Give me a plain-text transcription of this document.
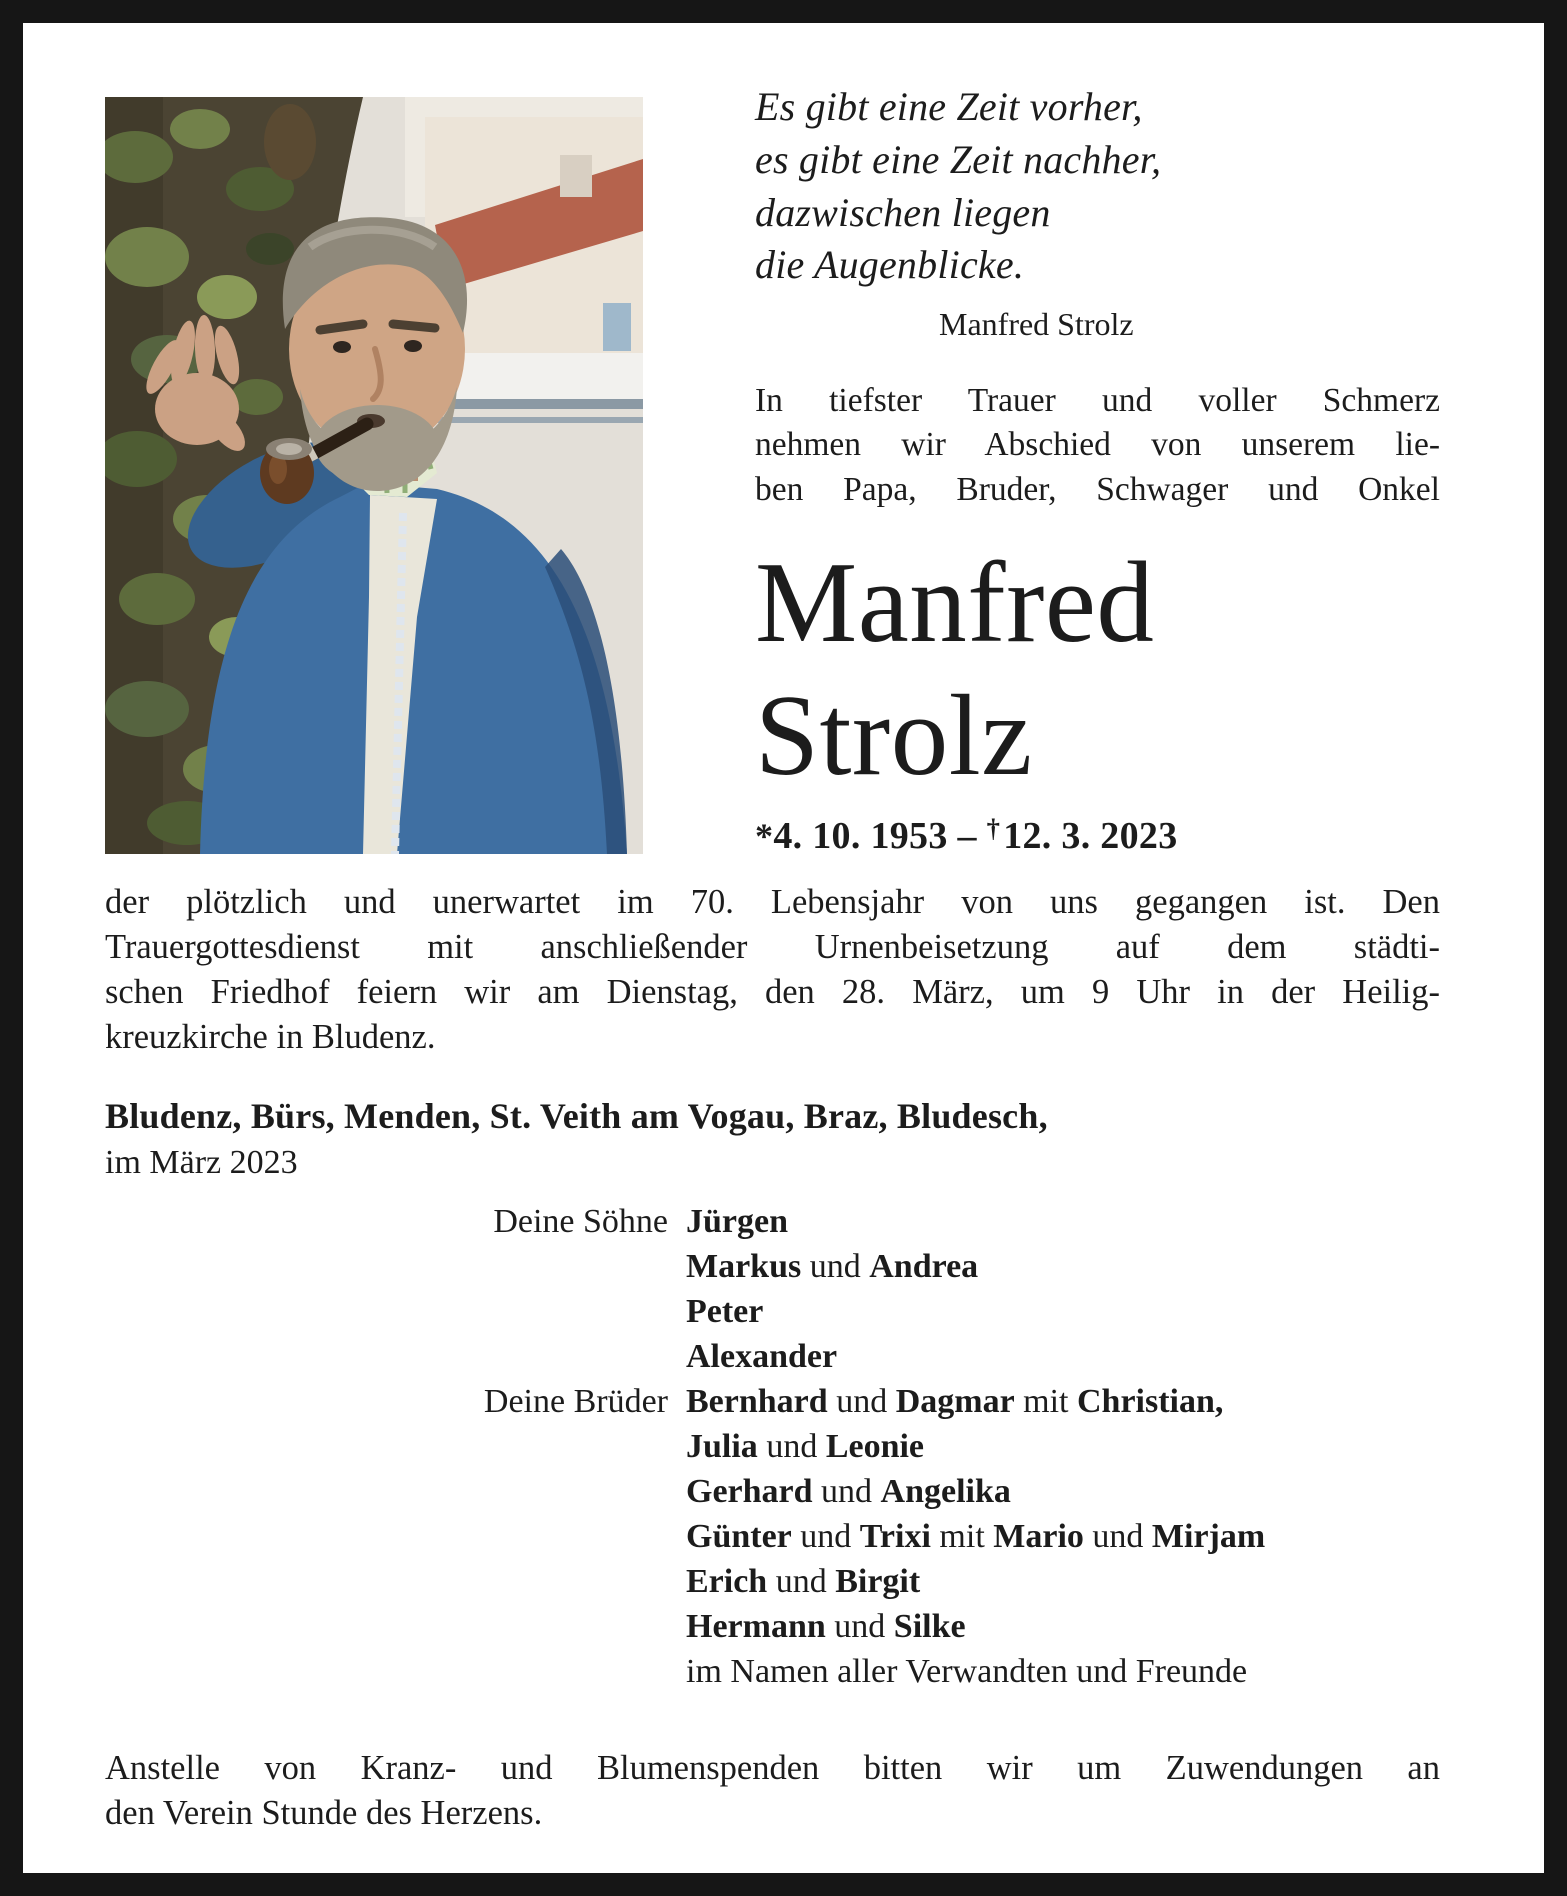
Es gibt eine Zeit vorher,
es gibt eine Zeit nachher,
dazwischen liegen
die Augenblicke.
Manfred Strolz
In tiefster Trauer und voller Schmerz
nehmen wir Abschied von unserem lie-
ben Papa, Bruder, Schwager und Onkel
Manfred
Strolz
*4. 10. 1953 – †12. 3. 2023
der plötzlich und unerwartet im 70. Lebensjahr von uns gegangen ist. Den
Trauergottesdienst mit anschließender Urnenbeisetzung auf dem städti-
schen Friedhof feiern wir am Dienstag, den 28. März, um 9 Uhr in der Heilig-
kreuzkirche in Bludenz.
Bludenz, Bürs, Menden, St. Veith am Vogau, Braz, Bludesch,
im März 2023
Deine Söhne Jürgen
Markus und Andrea
Peter
Alexander
Deine Brüder Bernhard und Dagmar mit Christian,
Julia und Leonie
Gerhard und Angelika
Günter und Trixi mit Mario und Mirjam
Erich und Birgit
Hermann und Silke
im Namen aller Verwandten und Freunde
Anstelle von Kranz- und Blumenspenden bitten wir um Zuwendungen an
den Verein Stunde des Herzens.
